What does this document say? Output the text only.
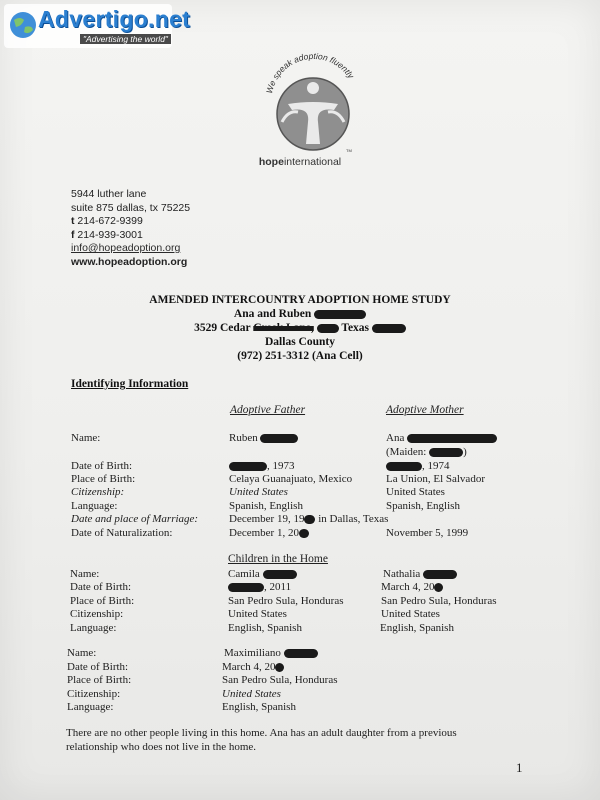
Advertigo.net
"Advertising the world"
We speak adoption fluently
TM
hopeinternational
5944 luther lane
suite 875 dallas, tx 75225
t 214-672-9399
f 214-939-3001
info@hopeadoption.org
www.hopeadoption.org
AMENDED INTERCOUNTRY ADOPTION HOME STUDY
Ana and Ruben
3529 Cedar Creek Lane, Texas
Dallas County
(972) 251-3312 (Ana Cell)
Identifying Information
Adoptive Father	Adoptive Mother
Name:
Date of Birth:
Place of Birth:
Citizenship:
Language:
Date and place of Marriage:
Date of Naturalization:
Ruben
, 1973
Celaya Guanajuato, Mexico
United States
Spanish, English
December 19, 19 in Dallas, Texas
December 1, 20
Ana
(Maiden:	)
, 1974
La Union, El Salvador
United States
Spanish, English
November 5, 1999
Children in the Home
Name:
Date of Birth:
Place of Birth:
Citizenship:
Language:
Camila
, 2011
San Pedro Sula, Honduras
United States
English, Spanish
Nathalia
March 4, 20
San Pedro Sula, Honduras
United States
English, Spanish
Name:
Date of Birth:
Place of Birth:
Citizenship:
Language:
Maximiliano
March 4, 20
San Pedro Sula, Honduras
United States
English, Spanish
There are no other people living in this home. Ana has an adult daughter from a previous
relationship who does not live in the home.
1
